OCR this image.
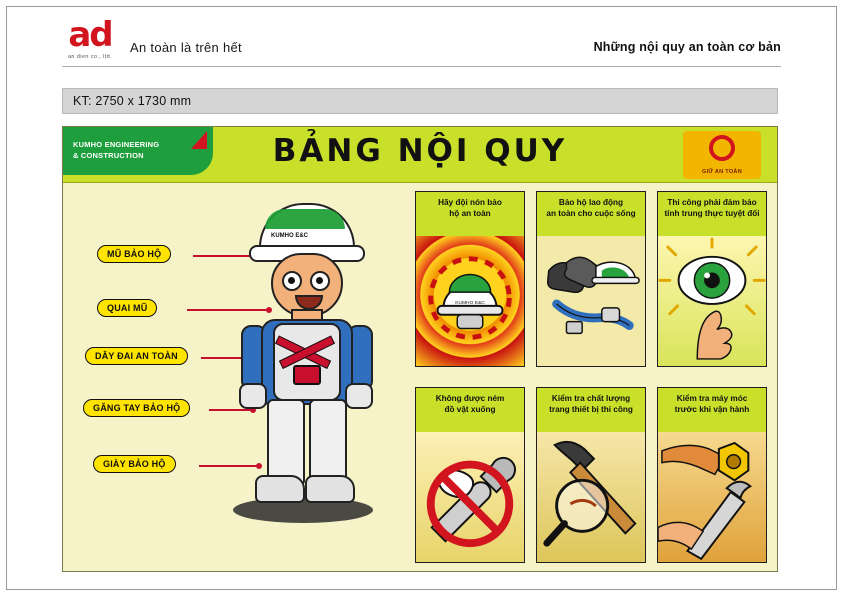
ad
an dien co., ltd.
An toàn là trên hết	Những nội quy an toàn cơ bản
KT: 2750 x 1730 mm
KUMHO ENGINEERING
& CONSTRUCTION	BẢNG NỘI QUY
GIỮ AN TOÀN
MŨ BẢO HỘ
QUAI MŨ
DÂY ĐAI AN TOÀN
GĂNG TAY BẢO HỘ
GIÀY BẢO HỘ
KUMHO E&C
Hãy đội nón bảo
hộ an toàn
KUMHO E&C
Bảo hộ lao động
an toàn cho cuộc sống
Thi công phải đảm bảo
tính trung thực tuyệt đối
Không được ném
đồ vật xuống
Kiểm tra chất lượng
trang thiết bị thi công
Kiểm tra máy móc
trước khi vận hành
